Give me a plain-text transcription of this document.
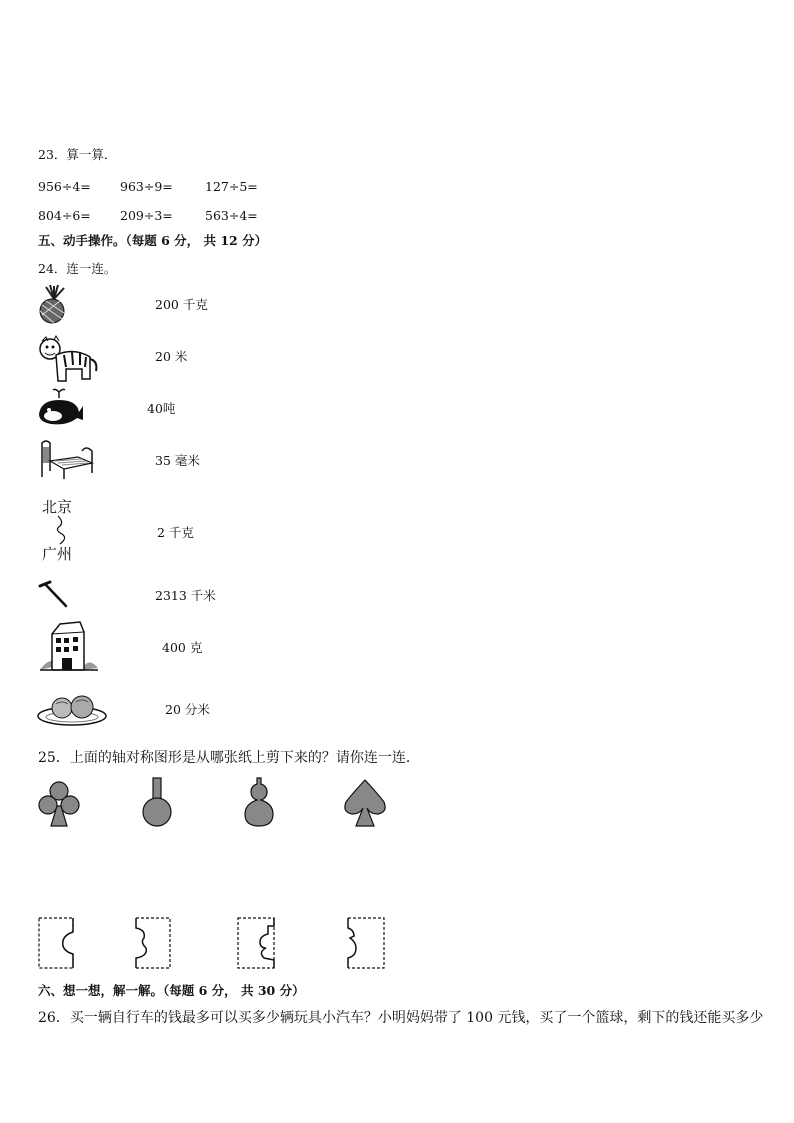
23．算一算．
956÷4= 963÷9=	127÷5=
804÷6= 209÷3=	563÷4=
五、动手操作。（每题 6 分， 共 12 分）
24．连一连。
200 千克
20 米
40吨
35 毫米
北京
广州
2 千克
2313 千米
400 克
20 分米
25．上面的轴对称图形是从哪张纸上剪下来的？请你连一连．
六、想一想，解一解。（每题 6 分， 共 30 分）
26．买一辆自行车的钱最多可以买多少辆玩具小汽车？小明妈妈带了 100 元钱，买了一个篮球，剩下的钱还能买多少
